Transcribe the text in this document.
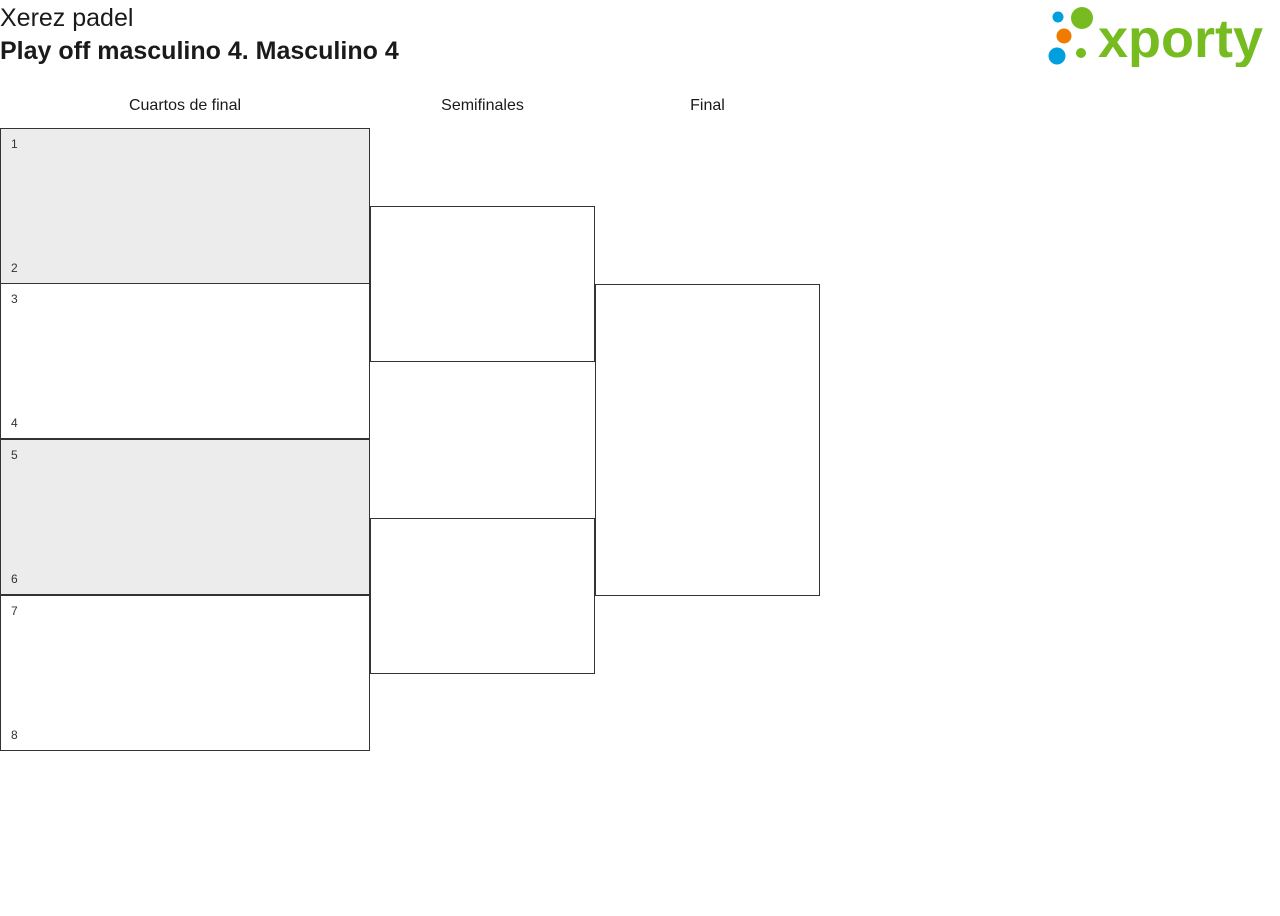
Xerez padel
Play off masculino 4. Masculino 4	xporty
Cuartos de final	Semifinales	Final
1
2
3
4
5
6
7
8
